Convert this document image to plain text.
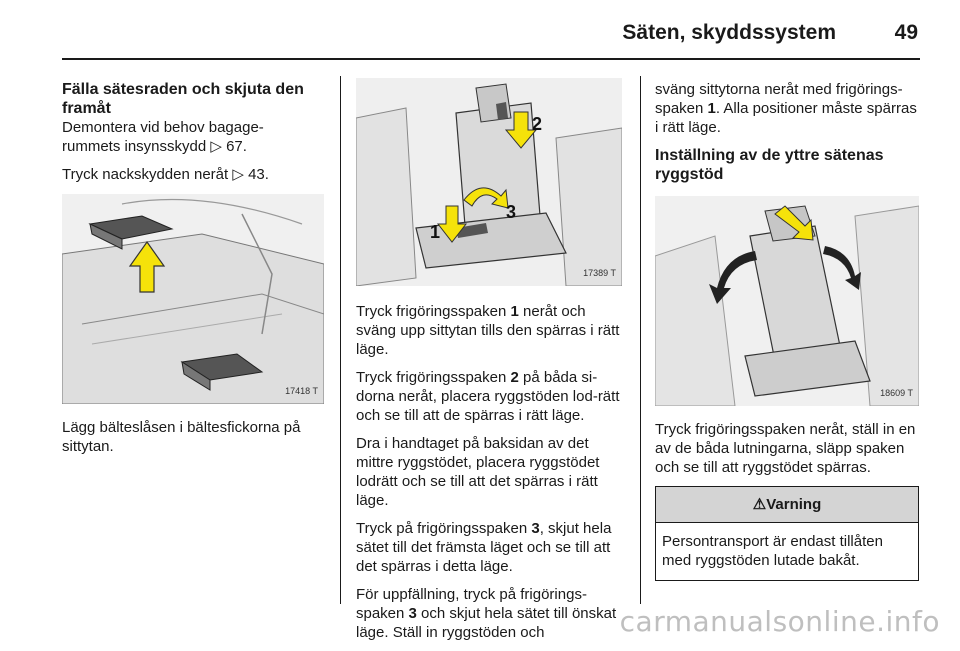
Säten, skyddssystem	49
Fälla sätesraden och skjuta den framåt

Demontera vid behov bagage-
rummets insynsskydd ▷ 67.

Tryck nackskydden neråt ▷ 43.

17418 T

Lägg bälteslåsen i bältesfickorna på sittytan.

1
2
3
17389 T

Tryck frigöringsspaken 1 neråt och sväng upp sittytan tills den spärras i rätt läge.

Tryck frigöringsspaken 2 på båda si-dorna neråt, placera ryggstöden lod-rätt och se till att de spärras i rätt läge.

Dra i handtaget på baksidan av det mittre ryggstödet, placera ryggstödet lodrätt och se till att det spärras i rätt läge.

Tryck på frigöringsspaken 3, skjut hela sätet till det främsta läget och se till att det spärras i detta läge.

För uppfällning, tryck på frigörings-spaken 3 och skjut hela sätet till önskat läge. Ställ in ryggstöden och

sväng sittytorna neråt med frigörings-spaken 1. Alla positioner måste spärras i rätt läge.

Inställning av de yttre sätenas ryggstöd
18609 T

Tryck frigöringsspaken neråt, ställ in en av de båda lutningarna, släpp spaken och se till att ryggstödet spärras.

⚠Varning
Persontransport är endast tillåten med ryggstöden lutade bakåt.
carmanualsonline.info
